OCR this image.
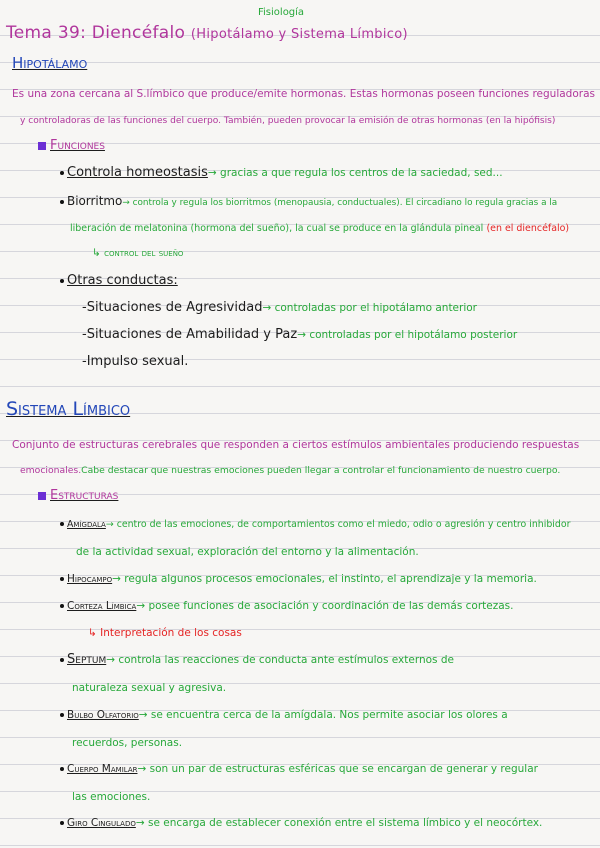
Fisiología
Tema 39: Diencéfalo (Hipotálamo y Sistema Límbico)
Hipotálamo
Es una zona cercana al S.límbico que produce/emite hormonas. Estas hormonas poseen funciones reguladoras
y controladoras de las funciones del cuerpo. También, pueden provocar la emisión de otras hormonas (en la hipófisis)
Funciones
Controla homeostasis→ gracias a que regula los centros de la saciedad, sed...
Biorritmo→ controla y regula los biorritmos (menopausia, conductuales). El circadiano lo regula gracias a la
liberación de melatonina (hormona del sueño), la cual se produce en la glándula pineal (en el diencéfalo)
↳ control del sueño
Otras conductas:
-Situaciones de Agresividad→ controladas por el hipotálamo anterior
-Situaciones de Amabilidad y Paz→ controladas por el hipotálamo posterior
-Impulso sexual.
Sistema Límbico
Conjunto de estructuras cerebrales que responden a ciertos estímulos ambientales produciendo respuestas
emocionales.Cabe destacar que nuestras emociones pueden llegar a controlar el funcionamiento de nuestro cuerpo.
Estructuras
Amígdala→ centro de las emociones, de comportamientos como el miedo, odio o agresión y centro inhibidor
de la actividad sexual, exploración del entorno y la alimentación.
Hipocampo→ regula algunos procesos emocionales, el instinto, el aprendizaje y la memoria.
Corteza Límbica→ posee funciones de asociación y coordinación de las demás cortezas.
↳ Interpretación de los cosas
Septum→ controla las reacciones de conducta ante estímulos externos de
naturaleza sexual y agresiva.
Bulbo Olfatorio→ se encuentra cerca de la amígdala. Nos permite asociar los olores a
recuerdos, personas.
Cuerpo Mamilar→ son un par de estructuras esféricas que se encargan de generar y regular
las emociones.
Giro Cingulado→ se encarga de establecer conexión entre el sistema límbico y el neocórtex.
